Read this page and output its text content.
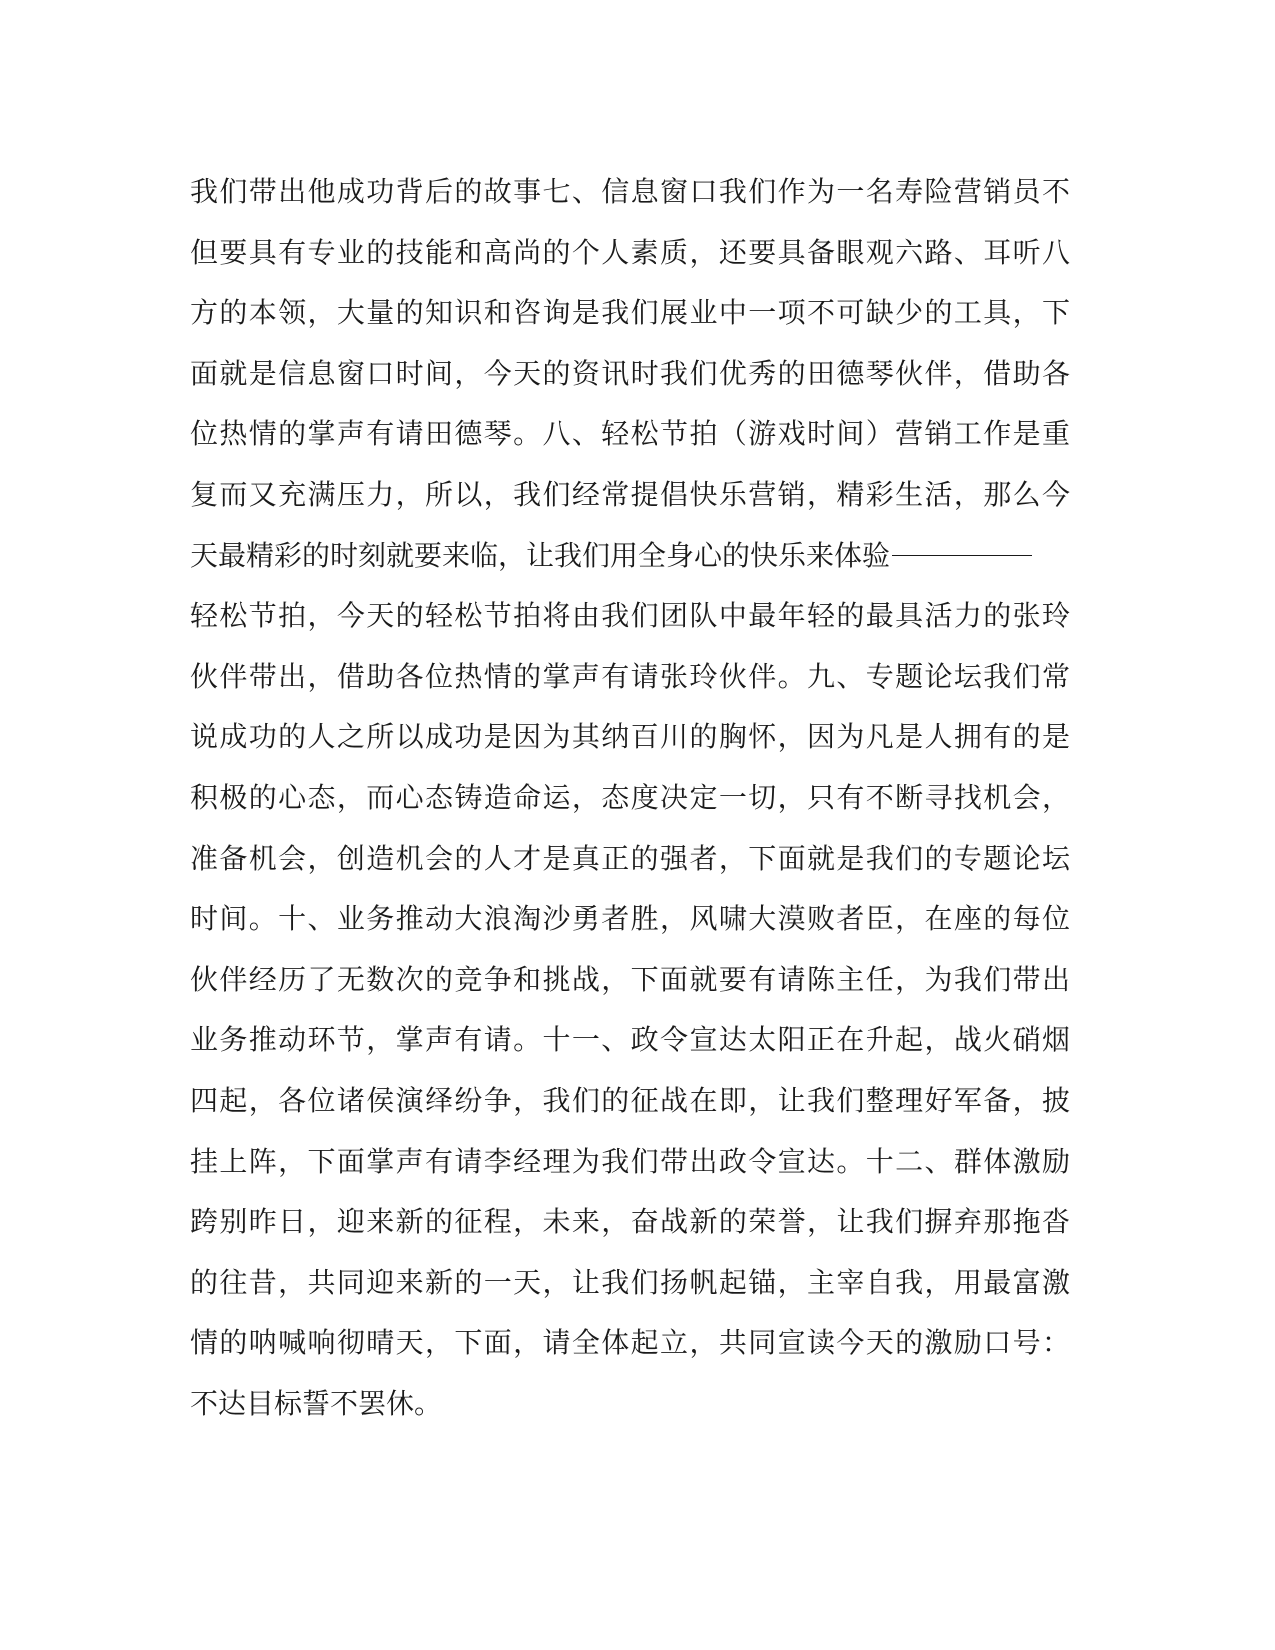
我们带出他成功背后的故事七、信息窗口我们作为一名寿险营销员不
但要具有专业的技能和高尚的个人素质，还要具备眼观六路、耳听八
方的本领，大量的知识和咨询是我们展业中一项不可缺少的工具，下
面就是信息窗口时间，今天的资讯时我们优秀的田德琴伙伴，借助各
位热情的掌声有请田德琴。八、轻松节拍（游戏时间）营销工作是重
复而又充满压力，所以，我们经常提倡快乐营销，精彩生活，那么今
天最精彩的时刻就要来临，让我们用全身心的快乐来体验
轻松节拍，今天的轻松节拍将由我们团队中最年轻的最具活力的张玲
伙伴带出，借助各位热情的掌声有请张玲伙伴。九、专题论坛我们常
说成功的人之所以成功是因为其纳百川的胸怀，因为凡是人拥有的是
积极的心态，而心态铸造命运，态度决定一切，只有不断寻找机会，
准备机会，创造机会的人才是真正的强者，下面就是我们的专题论坛
时间。十、业务推动大浪淘沙勇者胜，风啸大漠败者臣，在座的每位
伙伴经历了无数次的竞争和挑战，下面就要有请陈主任，为我们带出
业务推动环节，掌声有请。十一、政令宣达太阳正在升起，战火硝烟
四起，各位诸侯演绎纷争，我们的征战在即，让我们整理好军备，披
挂上阵，下面掌声有请李经理为我们带出政令宣达。十二、群体激励
跨别昨日，迎来新的征程，未来，奋战新的荣誉，让我们摒弃那拖沓
的往昔，共同迎来新的一天，让我们扬帆起锚，主宰自我，用最富激
情的呐喊响彻晴天，下面，请全体起立，共同宣读今天的激励口号：
不达目标誓不罢休。
